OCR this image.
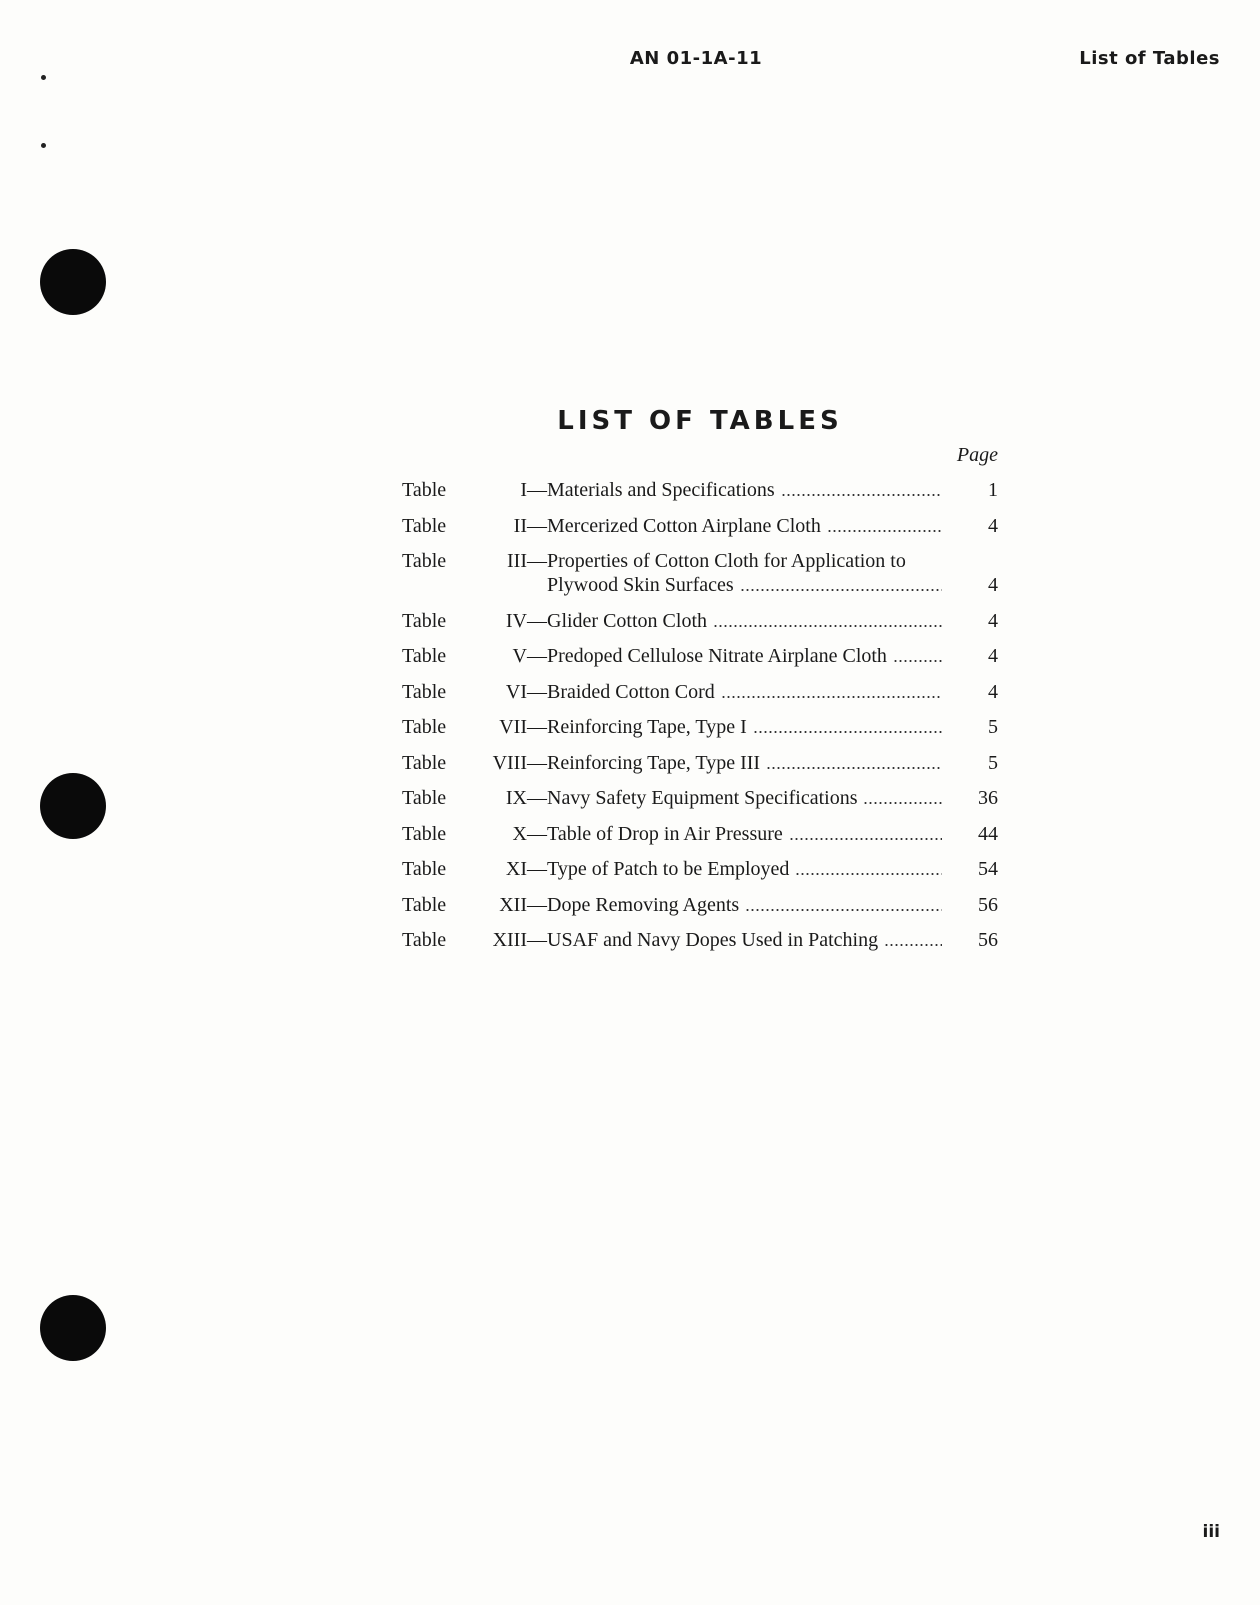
AN 01-1A-11	List of Tables
LIST OF TABLES
Page
Table	I — Materials and Specifications	1
Table	II — Mercerized Cotton Airplane Cloth	4
Table	III — Properties of Cotton Cloth for Application to
Plywood Skin Surfaces	4
Table	IV — Glider Cotton Cloth	4
Table	V — Predoped Cellulose Nitrate Airplane Cloth	4
Table	VI — Braided Cotton Cord	4
Table	VII — Reinforcing Tape, Type I	5
Table	VIII — Reinforcing Tape, Type III	5
Table	IX — Navy Safety Equipment Specifications	36
Table	X — Table of Drop in Air Pressure	44
Table	XI — Type of Patch to be Employed	54
Table	XII — Dope Removing Agents	56
Table	XIII — USAF and Navy Dopes Used in Patching	56
iii
